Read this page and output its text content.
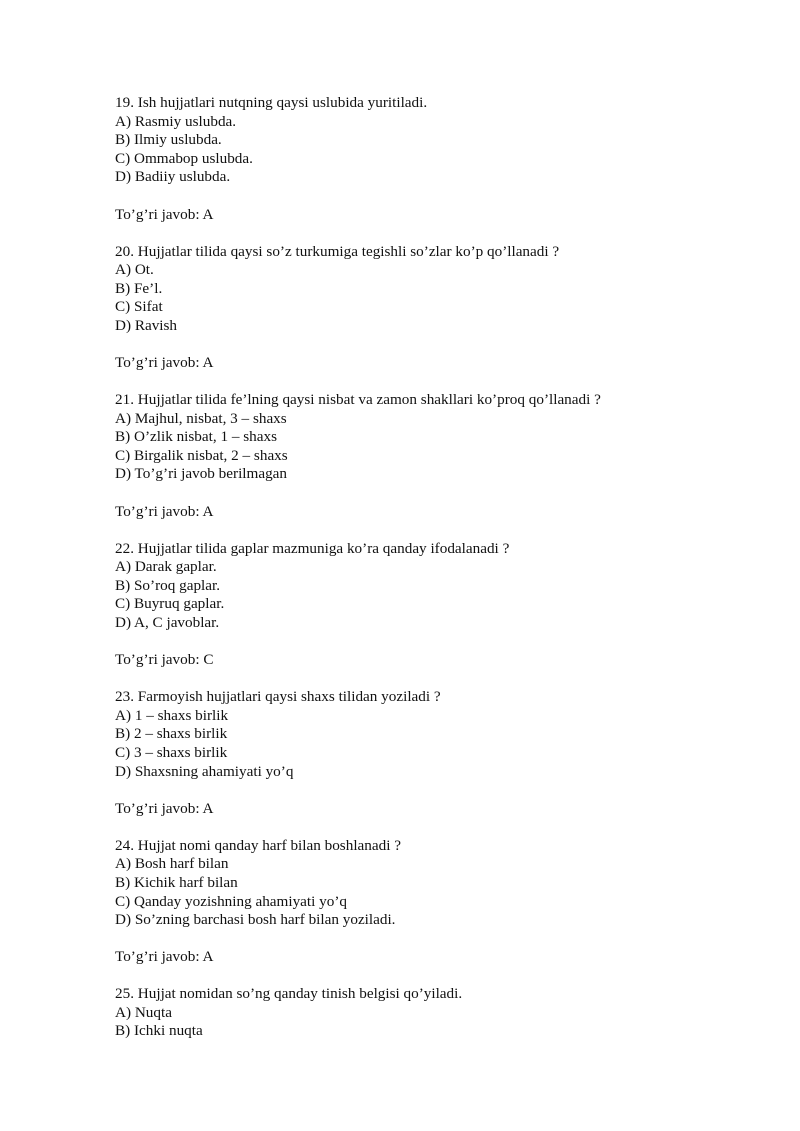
19. Ish hujjatlari nutqning qaysi uslubida yuritiladi.
A) Rasmiy uslubda.
B) Ilmiy uslubda.
C) Ommabop uslubda.
D) Badiiy uslubda.
To’g’ri javob: A
20. Hujjatlar tilida qaysi so’z turkumiga tegishli so’zlar ko’p qo’llanadi ?
A) Ot.
B) Fe’l.
C) Sifat
D) Ravish
To’g’ri javob: A
21. Hujjatlar tilida fe’lning qaysi nisbat va zamon shakllari ko’proq qo’llanadi ?
A) Majhul, nisbat, 3 – shaxs
B) O’zlik nisbat, 1 – shaxs
C) Birgalik nisbat, 2 – shaxs
D) To’g’ri javob berilmagan
To’g’ri javob: A
22. Hujjatlar tilida gaplar mazmuniga ko’ra qanday ifodalanadi ?
A) Darak gaplar.
B) So’roq gaplar.
C) Buyruq gaplar.
D) A, C javoblar.
To’g’ri javob: C
23. Farmoyish hujjatlari qaysi shaxs tilidan yoziladi ?
A) 1 – shaxs birlik
B) 2 – shaxs birlik
C) 3 – shaxs birlik
D) Shaxsning ahamiyati yo’q
To’g’ri javob: A
24. Hujjat nomi qanday harf bilan boshlanadi ?
A) Bosh harf bilan
B) Kichik harf bilan
C) Qanday yozishning ahamiyati yo’q
D) So’zning barchasi bosh harf bilan yoziladi.
To’g’ri javob: A
25. Hujjat nomidan so’ng qanday tinish belgisi qo’yiladi.
A) Nuqta
B) Ichki nuqta
